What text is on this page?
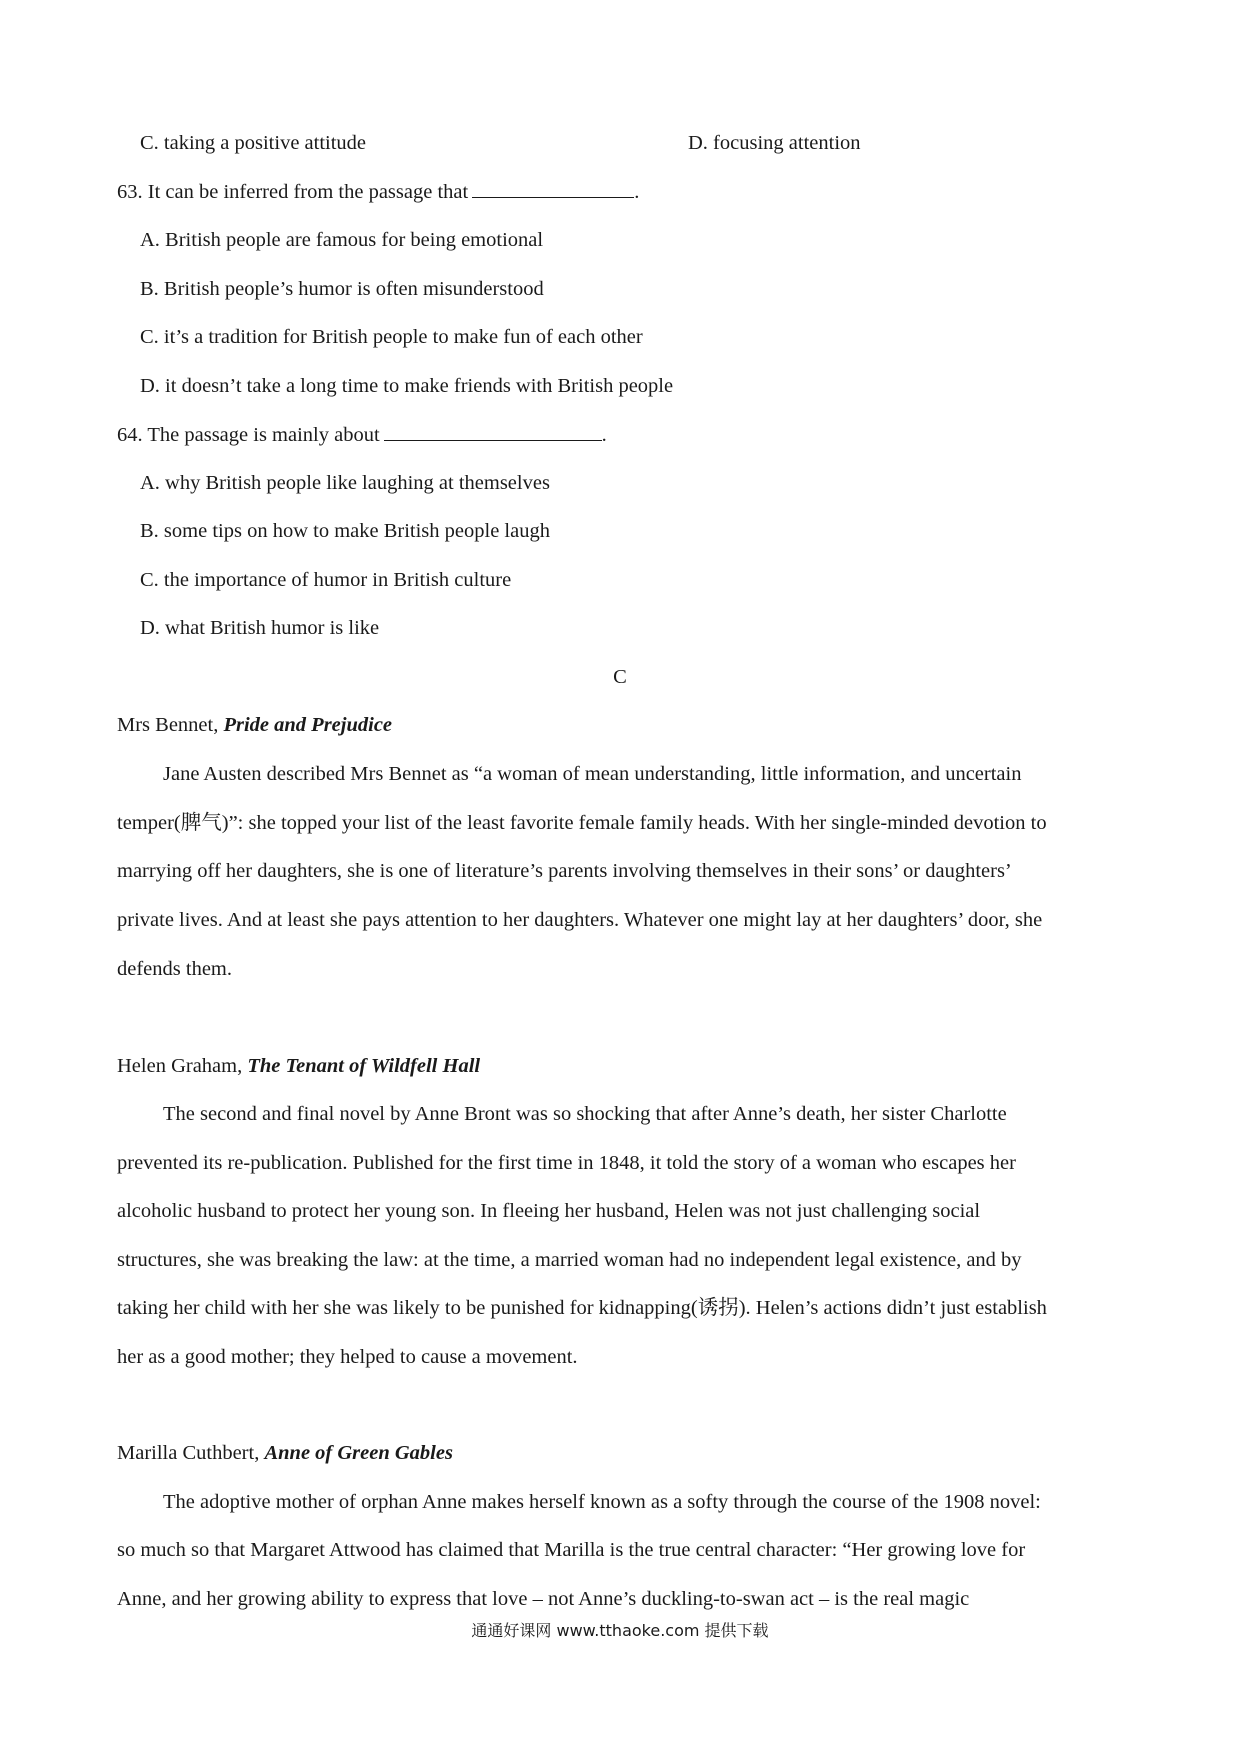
C. taking a positive attitude	D. focusing attention
63. It can be inferred from the passage that	.
A. British people are famous for being emotional
B. British people’s humor is often misunderstood
C. it’s a tradition for British people to make fun of each other
D. it doesn’t take a long time to make friends with British people
64. The passage is mainly about	.
A. why British people like laughing at themselves
B. some tips on how to make British people laugh
C. the importance of humor in British culture
D. what British humor is like
C
Mrs Bennet, Pride and Prejudice
Jane Austen described Mrs Bennet as “a woman of mean understanding, little information, and uncertain
temper(脾气)”: she topped your list of the least favorite female family heads. With her single-minded devotion to
marrying off her daughters, she is one of literature’s parents involving themselves in their sons’ or daughters’
private lives. And at least she pays attention to her daughters. Whatever one might lay at her daughters’ door, she
defends them.
Helen Graham, The Tenant of Wildfell Hall
The second and final novel by Anne Bront was so shocking that after Anne’s death, her sister Charlotte
prevented its re-publication. Published for the first time in 1848, it told the story of a woman who escapes her
alcoholic husband to protect her young son. In fleeing her husband, Helen was not just challenging social
structures, she was breaking the law: at the time, a married woman had no independent legal existence, and by
taking her child with her she was likely to be punished for kidnapping(诱拐). Helen’s actions didn’t just establish
her as a good mother; they helped to cause a movement.
Marilla Cuthbert, Anne of Green Gables
The adoptive mother of orphan Anne makes herself known as a softy through the course of the 1908 novel:
so much so that Margaret Attwood has claimed that Marilla is the true central character: “Her growing love for
Anne, and her growing ability to express that love – not Anne’s duckling-to-swan act – is the real magic
通通好课网 www.tthaoke.com 提供下载
